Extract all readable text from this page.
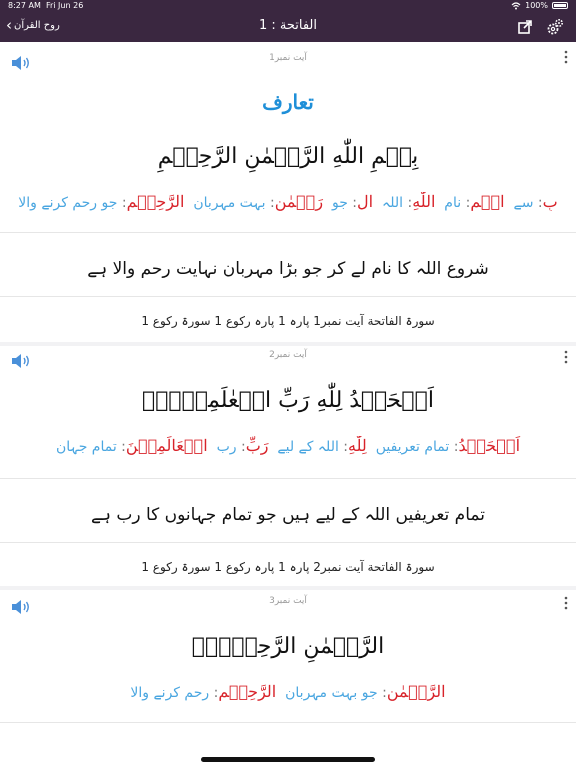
8:27 AM Fri Jun 26	100%
‹ روح القرآن	الفاتحة : 1
آیت نمبر1
تعارف
بِسۡمِ اللّٰهِ الرَّحۡمٰنِ الرَّحِيۡمِ
بِ: سے  اسۡمِ: نام  اللّٰهِ: اللہ  ال: جو  رَحۡمٰنِ: بہت مہربان  الرَّحِيۡمِ: جو رحم کرنے والا
شروع اللہ کا نام لے کر جو بڑا مہربان نہایت رحم والا ہے
سورۃ الفاتحة آیت نمبر1 پارہ 1 پارہ رکوع 1 سورۃ رکوع 1
آیت نمبر2
اَلۡحَمۡدُ لِلّٰهِ رَبِّ الۡعٰلَمِيۡنَۙ
اَلۡحَمۡدُ: تمام تعریفیں  لِلّٰهِ: اللہ کے لیے  رَبِّ: رب  الۡعَالَمِيۡنَ: تمام جہان
تمام تعریفیں اللہ کے لیے ہیں جو تمام جہانوں کا رب ہے
سورۃ الفاتحة آیت نمبر2 پارہ 1 پارہ رکوع 1 سورۃ رکوع 1
آیت نمبر3
الرَّحۡمٰنِ الرَّحِيۡمِۙ
الرَّحۡمٰنِ: جو بہت مہربان  الرَّحِيۡم: رحم کرنے والا
